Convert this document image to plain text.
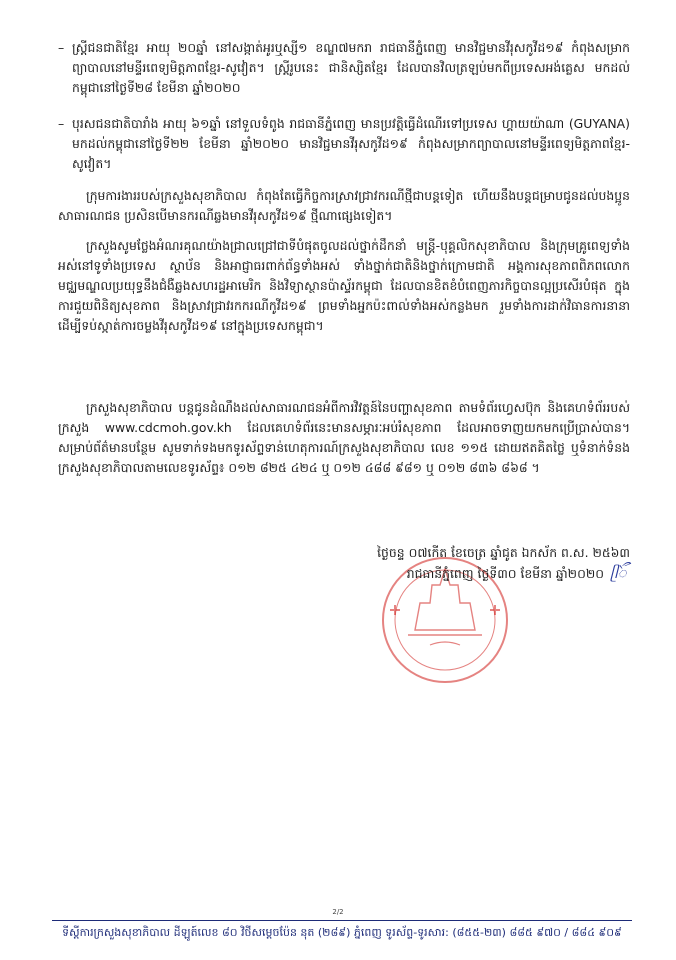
– ស្ត្រីជនជាតិខ្មែរ អាយុ ២០ឆ្នាំ នៅសង្កាត់អូរឬស្សី១ ខណ្ឌ៧មករា រាជធានីភ្នំពេញ មានវិជ្ជមានវីរុសកូវីដ១៩ កំពុងសម្រាកព្យាបាលនៅមន្ទីរពេទ្យមិត្តភាពខ្មែរ-សូវៀត។ ស្ត្រីរូបនេះ ជានិស្សិតខ្មែរ ដែលបានវិលត្រឡប់មកពីប្រទេសអង់គ្លេស មកដល់កម្ពុជានៅថ្ងៃទី២៨ ខែមីនា ឆ្នាំ២០២០
– បុរសជនជាតិបារាំង អាយុ ៦១ឆ្នាំ នៅទួលទំពូង រាជធានីភ្នំពេញ មានប្រវត្តិធ្វើដំណើរទៅប្រទេស ហ្គាយយ៉ាណា (GUYANA) មកដល់កម្ពុជានៅថ្ងៃទី២២ ខែមីនា ឆ្នាំ២០២០ មានវិជ្ជមានវីរុសកូវីដ១៩ កំពុងសម្រាកព្យាបាលនៅមន្ទីរពេទ្យមិត្តភាពខ្មែរ-សូវៀត។
ក្រុមការងាររបស់ក្រសួងសុខាភិបាល កំពុងតែធ្វើកិច្ចការស្រាវជ្រាវករណីថ្មីជាបន្តទៀត ហើយនឹងបន្តជម្រាបជូនដល់បងប្អូនសាធារណជន ប្រសិនបើមានករណីឆ្លងមានវីរុសកូវីដ១៩ ថ្មីណាផ្សេងទៀត។
ក្រសួងសូមថ្លែងអំណរគុណយ៉ាងជ្រាលជ្រៅជាទីបំផុតចូលដល់ថ្នាក់ដឹកនាំ មន្ត្រី-បុគ្គលិកសុខាភិបាល និងក្រុមគ្រូពេទ្យទាំងអស់នៅទូទាំងប្រទេស ស្ថាប័ន និងអាជ្ញាធរពាក់ព័ន្ធទាំងអស់ ទាំងថ្នាក់ជាតិនិងថ្នាក់ក្រោមជាតិ អង្គការសុខភាពពិភពលោក មជ្ឈមណ្ឌលប្រយុទ្ធនឹងជំងឺឆ្លងសហរដ្ឋអាមេរិក និងវិទ្យាស្ថានប៉ាស្ទ័រកម្ពុជា ដែលបានខិតខំបំពេញភារកិច្ចបានល្អប្រសើរបំផុត ក្នុងការជួយពិនិត្យសុខភាព និងស្រាវជ្រាវរកករណីកូវីដ១៩ ព្រមទាំងអ្នកប៉ះពាល់ទាំងអស់កន្លងមក រួមទាំងការដាក់វិធានការនានា ដើម្បីទប់ស្កាត់ការចម្លងវីរុសកូវីដ១៩ នៅក្នុងប្រទេសកម្ពុជា។
ក្រសួងសុខាភិបាល បន្តជូនដំណឹងដល់សាធារណជនអំពីការវិវត្តន៍នៃបញ្ហាសុខភាព តាមទំព័រហ្វេសប៊ុក និងគេហទំព័ររបស់ក្រសួង www.cdcmoh.gov.kh ដែលគេហទំព័រនេះមានសម្ភារៈអប់រំសុខភាព ដែលអាចទាញយកមកប្រើប្រាស់បាន។ សម្រាប់ព័ត៌មានបន្ថែម សូមទាក់ទងមកទូរស័ព្ទទាន់ហេតុការណ៍ក្រសួងសុខាភិបាល លេខ ១១៥ ដោយឥតគិតថ្លៃ ឬទំនាក់ទំនងក្រសួងសុខាភិបាលតាមលេខទូរស័ព្ទ៖ ០១២ ៨២៥ ៤២៤ ឬ ០១២ ៤៨៨ ៩៨១ ឬ ០១២ ៨៣៦ ៨៦៨ ។
ថ្ងៃចន្ទ ០៧កើត ខែចេត្រ ឆ្នាំជូត ឯកស័ក ព.ស. ២៥៦៣
រាជធានីភ្នំពេញ ថ្ងៃទី៣០ ខែមីនា ឆ្នាំ២០២០ ᥫᭂ
2/2
ទីស្តីការក្រសួងសុខាភិបាល ដីឡូត៍លេខ ៨០ វិថីសម្តេចប៉ែន នុត (២៨៩) ភ្នំពេញ ទូរស័ព្ទ-ទូរសារ: (៨៥៥-២៣) ៨៨៥ ៩៧០ / ៨៨៤ ៩០៩
